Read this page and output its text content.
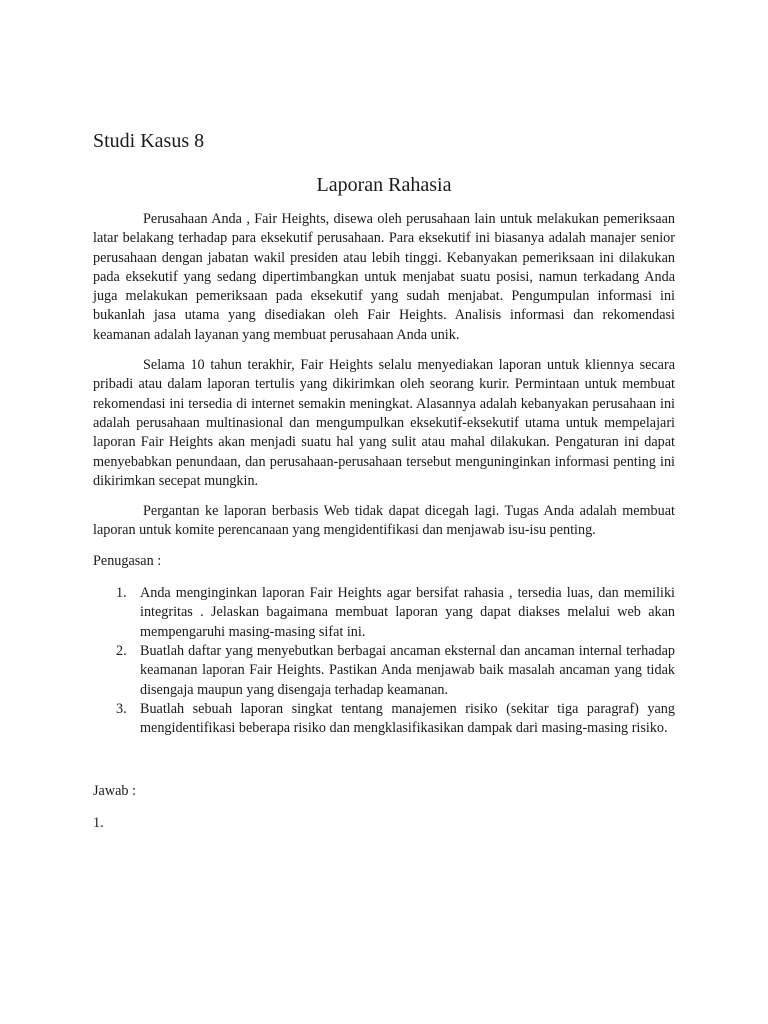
Studi Kasus 8

Laporan Rahasia

Perusahaan Anda , Fair Heights, disewa oleh perusahaan lain untuk melakukan pemeriksaan latar belakang terhadap para eksekutif perusahaan. Para eksekutif ini biasanya adalah manajer senior perusahaan dengan jabatan wakil presiden atau lebih tinggi. Kebanyakan pemeriksaan ini dilakukan pada eksekutif yang sedang dipertimbangkan untuk menjabat suatu posisi, namun terkadang Anda juga melakukan pemeriksaan pada eksekutif yang sudah menjabat. Pengumpulan informasi ini bukanlah jasa utama yang disediakan oleh Fair Heights. Analisis informasi dan rekomendasi keamanan adalah layanan yang membuat perusahaan Anda unik.

Selama 10 tahun terakhir, Fair Heights selalu menyediakan laporan untuk kliennya secara pribadi atau dalam laporan tertulis yang dikirimkan oleh seorang kurir. Permintaan untuk membuat rekomendasi ini tersedia di internet semakin meningkat. Alasannya adalah kebanyakan perusahaan ini adalah perusahaan multinasional dan mengumpulkan eksekutif-eksekutif utama untuk mempelajari laporan Fair Heights akan menjadi suatu hal yang sulit atau mahal dilakukan. Pengaturan ini dapat menyebabkan penundaan, dan perusahaan-perusahaan tersebut menguninginkan informasi penting ini dikirimkan secepat mungkin.

Pergantan ke laporan berbasis Web tidak dapat dicegah lagi. Tugas Anda adalah membuat laporan untuk komite perencanaan yang mengidentifikasi dan menjawab isu-isu penting.

Penugasan :

1. Anda menginginkan laporan Fair Heights agar bersifat rahasia , tersedia luas, dan memiliki integritas . Jelaskan bagaimana membuat laporan yang dapat diakses melalui web akan mempengaruhi masing-masing sifat ini.
2. Buatlah daftar yang menyebutkan berbagai ancaman eksternal dan ancaman internal terhadap keamanan laporan Fair Heights. Pastikan Anda menjawab baik masalah ancaman yang tidak disengaja maupun yang disengaja terhadap keamanan.
3. Buatlah sebuah laporan singkat tentang manajemen risiko (sekitar tiga paragraf) yang mengidentifikasi beberapa risiko dan mengklasifikasikan dampak dari masing-masing risiko.

Jawab :

1.
